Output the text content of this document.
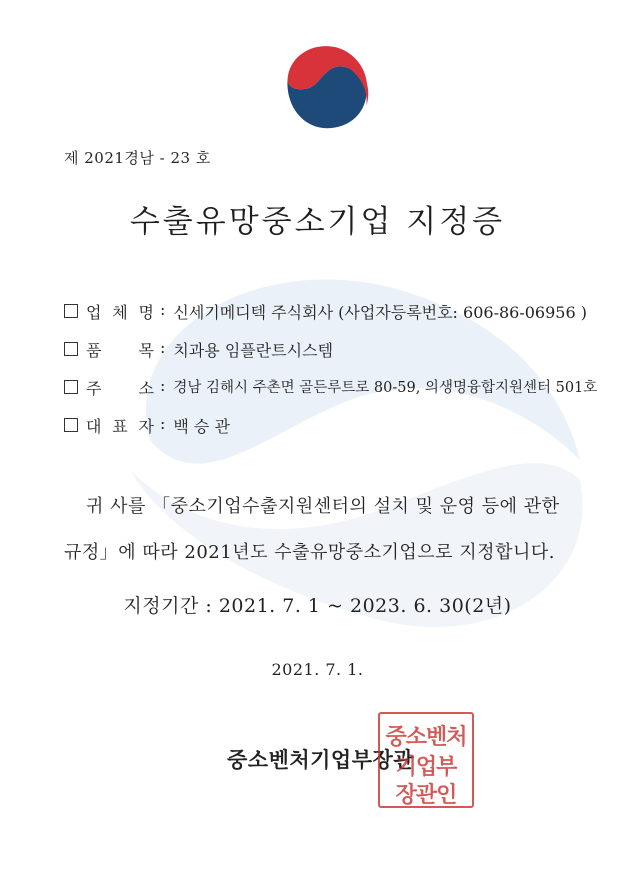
제 2021경남 - 23 호
수출유망중소기업 지정증
업 체 명 : 신세기메디텍 주식회사 (사업자등록번호: 606-86-06956 )
품 목 : 치과용 임플란트시스템
주 소 : 경남 김해시 주촌면 골든루트로 80-59, 의생명융합지원센터 501호
대 표 자 : 백 승 관
귀 사를 「중소기업수출지원센터의 설치 및 운영 등에 관한
규정」에 따라 2021년도 수출유망중소기업으로 지정합니다.
지정기간 : 2021. 7. 1 ~ 2023. 6. 30(2년)
2021. 7. 1.
중소벤처기업부장관
중소벤처
기업부
장관인
